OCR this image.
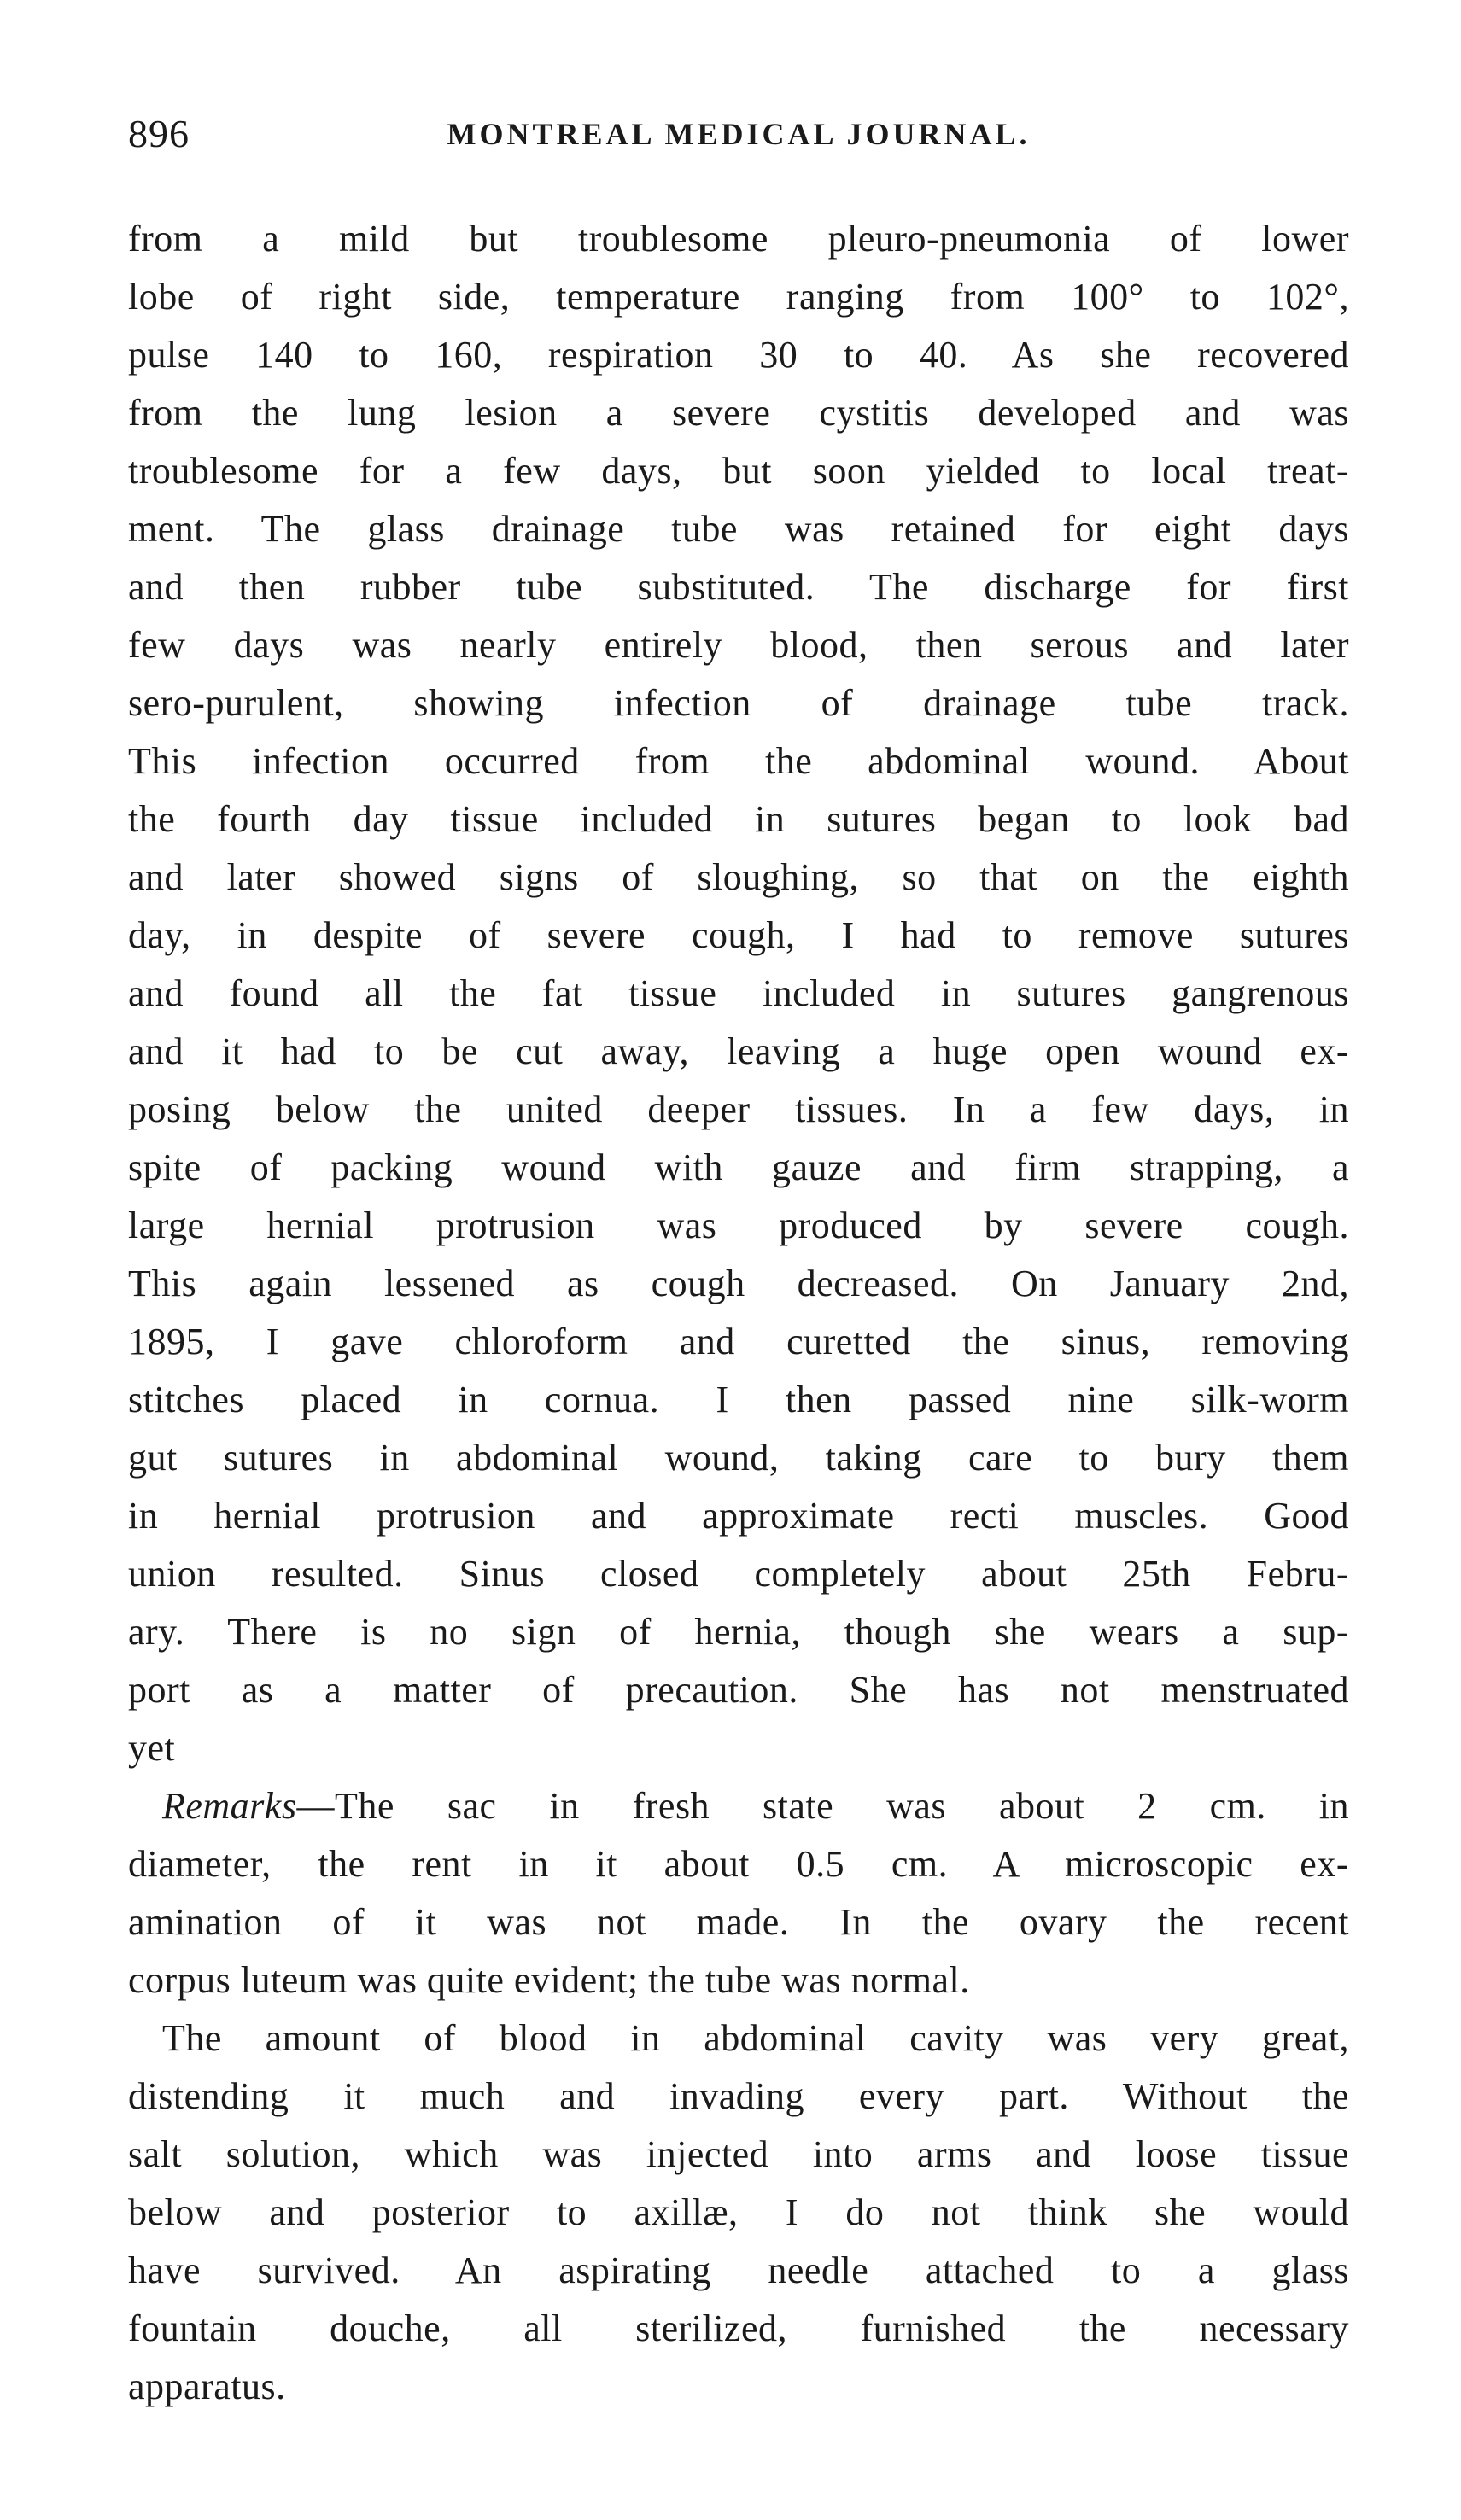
896	MONTREAL MEDICAL JOURNAL.
from a mild but troublesome pleuro-pneumonia of lower
lobe of right side, temperature ranging from 100° to 102°,
pulse 140 to 160, respiration 30 to 40. As she recovered
from the lung lesion a severe cystitis developed and was
troublesome for a few days, but soon yielded to local treat-
ment. The glass drainage tube was retained for eight days
and then rubber tube substituted. The discharge for first
few days was nearly entirely blood, then serous and later
sero-purulent, showing infection of drainage tube track.
This infection occurred from the abdominal wound. About
the fourth day tissue included in sutures began to look bad
and later showed signs of sloughing, so that on the eighth
day, in despite of severe cough, I had to remove sutures
and found all the fat tissue included in sutures gangrenous
and it had to be cut away, leaving a huge open wound ex-
posing below the united deeper tissues. In a few days, in
spite of packing wound with gauze and firm strapping, a
large hernial protrusion was produced by severe cough.
This again lessened as cough decreased. On January 2nd,
1895, I gave chloroform and curetted the sinus, removing
stitches placed in cornua. I then passed nine silk-worm
gut sutures in abdominal wound, taking care to bury them
in hernial protrusion and approximate recti muscles. Good
union resulted. Sinus closed completely about 25th Febru-
ary. There is no sign of hernia, though she wears a sup-
port as a matter of precaution. She has not menstruated
yet
Remarks—The sac in fresh state was about 2 cm. in
diameter, the rent in it about 0.5 cm. A microscopic ex-
amination of it was not made. In the ovary the recent
corpus luteum was quite evident; the tube was normal.
The amount of blood in abdominal cavity was very great,
distending it much and invading every part. Without the
salt solution, which was injected into arms and loose tissue
below and posterior to axillæ, I do not think she would
have survived. An aspirating needle attached to a glass
fountain douche, all sterilized, furnished the necessary
apparatus.
